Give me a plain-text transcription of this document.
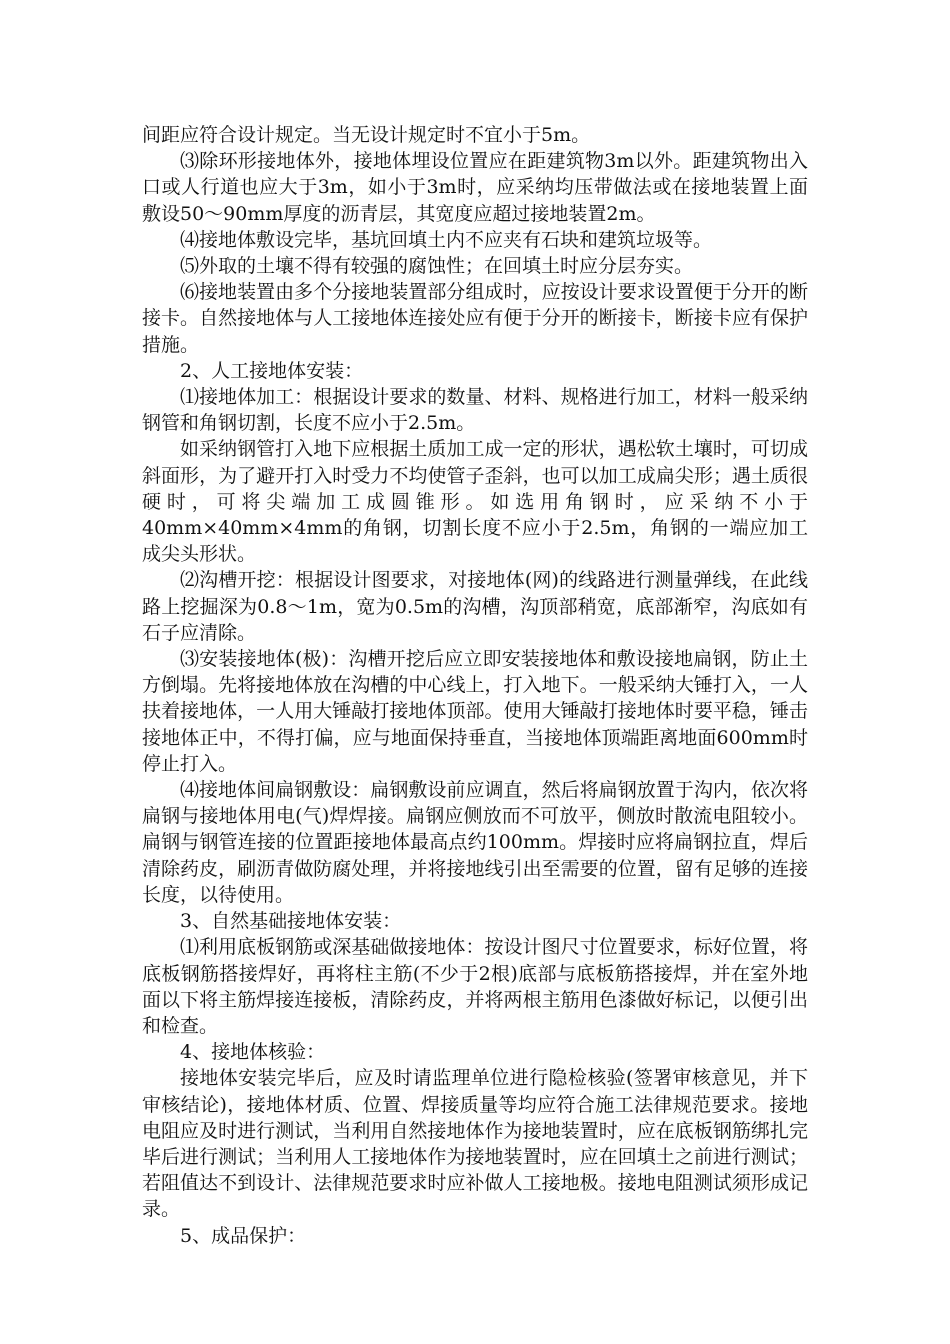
间距应符合设计规定。当无设计规定时不宜小于5m。

⑶除环形接地体外，接地体埋设位置应在距建筑物3m以外。距建筑物出入口或人行道也应大于3m，如小于3m时，应采纳均压带做法或在接地装置上面敷设50～90mm厚度的沥青层，其宽度应超过接地装置2m。

⑷接地体敷设完毕，基坑回填土内不应夹有石块和建筑垃圾等。

⑸外取的土壤不得有较强的腐蚀性；在回填土时应分层夯实。

⑹接地装置由多个分接地装置部分组成时，应按设计要求设置便于分开的断接卡。自然接地体与人工接地体连接处应有便于分开的断接卡，断接卡应有保护措施。

2、人工接地体安装：

⑴接地体加工：根据设计要求的数量、材料、规格进行加工，材料一般采纳钢管和角钢切割，长度不应小于2.5m。

如采纳钢管打入地下应根据土质加工成一定的形状，遇松软土壤时，可切成斜面形，为了避开打入时受力不均使管子歪斜，也可以加工成扁尖形；遇土质很硬时，可将尖端加工成圆锥形。如选用角钢时，应采纳不小于40mm×40mm×4mm的角钢，切割长度不应小于2.5m，角钢的一端应加工成尖头形状。

⑵沟槽开挖：根据设计图要求，对接地体(网)的线路进行测量弹线，在此线路上挖掘深为0.8～1m，宽为0.5m的沟槽，沟顶部稍宽，底部渐窄，沟底如有石子应清除。

⑶安装接地体(极)：沟槽开挖后应立即安装接地体和敷设接地扁钢，防止土方倒塌。先将接地体放在沟槽的中心线上，打入地下。一般采纳大锤打入，一人扶着接地体，一人用大锤敲打接地体顶部。使用大锤敲打接地体时要平稳，锤击接地体正中，不得打偏，应与地面保持垂直，当接地体顶端距离地面600mm时停止打入。

⑷接地体间扁钢敷设：扁钢敷设前应调直，然后将扁钢放置于沟内，依次将扁钢与接地体用电(气)焊焊接。扁钢应侧放而不可放平，侧放时散流电阻较小。扁钢与钢管连接的位置距接地体最高点约100mm。焊接时应将扁钢拉直，焊后清除药皮，刷沥青做防腐处理，并将接地线引出至需要的位置，留有足够的连接长度，以待使用。

3、自然基础接地体安装：

⑴利用底板钢筋或深基础做接地体：按设计图尺寸位置要求，标好位置，将底板钢筋搭接焊好，再将柱主筋(不少于2根)底部与底板筋搭接焊，并在室外地面以下将主筋焊接连接板，清除药皮，并将两根主筋用色漆做好标记，以便引出和检查。

4、接地体核验：

接地体安装完毕后，应及时请监理单位进行隐检核验(签署审核意见，并下审核结论)，接地体材质、位置、焊接质量等均应符合施工法律规范要求。接地电阻应及时进行测试，当利用自然接地体作为接地装置时，应在底板钢筋绑扎完毕后进行测试；当利用人工接地体作为接地装置时，应在回填土之前进行测试；若阻值达不到设计、法律规范要求时应补做人工接地极。接地电阻测试须形成记录。

5、成品保护：
